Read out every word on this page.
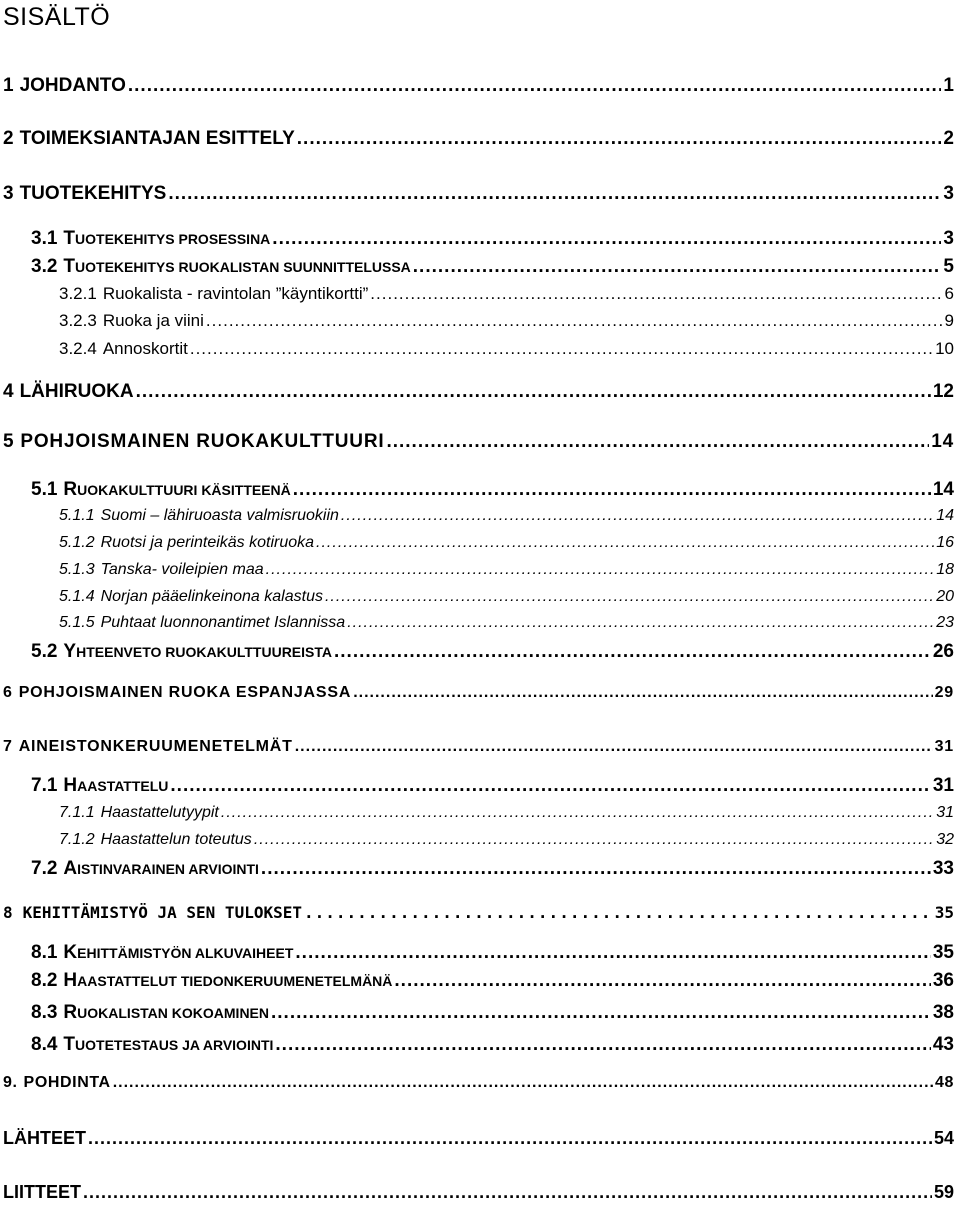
SISÄLTÖ
1 JOHDANTO .....	1
2 TOIMEKSIANTAJAN ESITTELY .....	2
3 TUOTEKEHITYS .....	3
3.1 T UOTEKEHITYS PROSESSINA .....	3
3.2 T UOTEKEHITYS RUOKALISTAN SUUNNITTELUSSA .....	5
3.2.1 Ruokalista - ravintolan ”käyntikortti” .....	6
3.2.3 Ruoka ja viini .....	9
3.2.4 Annoskortit .....	10
4 LÄHIRUOKA .....	12
5 POHJOISMAINEN RUOKAKULTTUURI .....	14
5.1 R UOKAKULTTUURI KÄSITTEENÄ .....	14
5.1.1 Suomi – lähiruoasta valmisruokiin .....	14
5.1.2 Ruotsi ja perinteikäs kotiruoka .....	16
5.1.3 Tanska- voileipien maa .....	18
5.1.4 Norjan pääelinkeinona kalastus .....	20
5.1.5 Puhtaat luonnonantimet Islannissa .....	23
5.2 Y HTEENVETO RUOKAKULTTUUREISTA .....	26
6 POHJOISMAINEN RUOKA ESPANJASSA .....	29
7 AINEISTONKERUUMENETELMÄT .....	31
7.1 H AASTATTELU .....	31
7.1.1 Haastattelutyypit .....	31
7.1.2 Haastattelun toteutus .....	32
7.2 A ISTINVARAINEN ARVIOINTI .....	33
8 KEHITTÄMISTYÖ JA SEN TULOKSET .....	35
8.1 K EHITTÄMISTYÖN ALKUVAIHEET .....	35
8.2 H AASTATTELUT TIEDONKERUUMENETELMÄNÄ .....	36
8.3 R UOKALISTAN KOKOAMINEN .....	38
8.4 T UOTETESTAUS JA ARVIOINTI .....	43
9. POHDINTA .....	48
LÄHTEET .....	54
LIITTEET .....	59
